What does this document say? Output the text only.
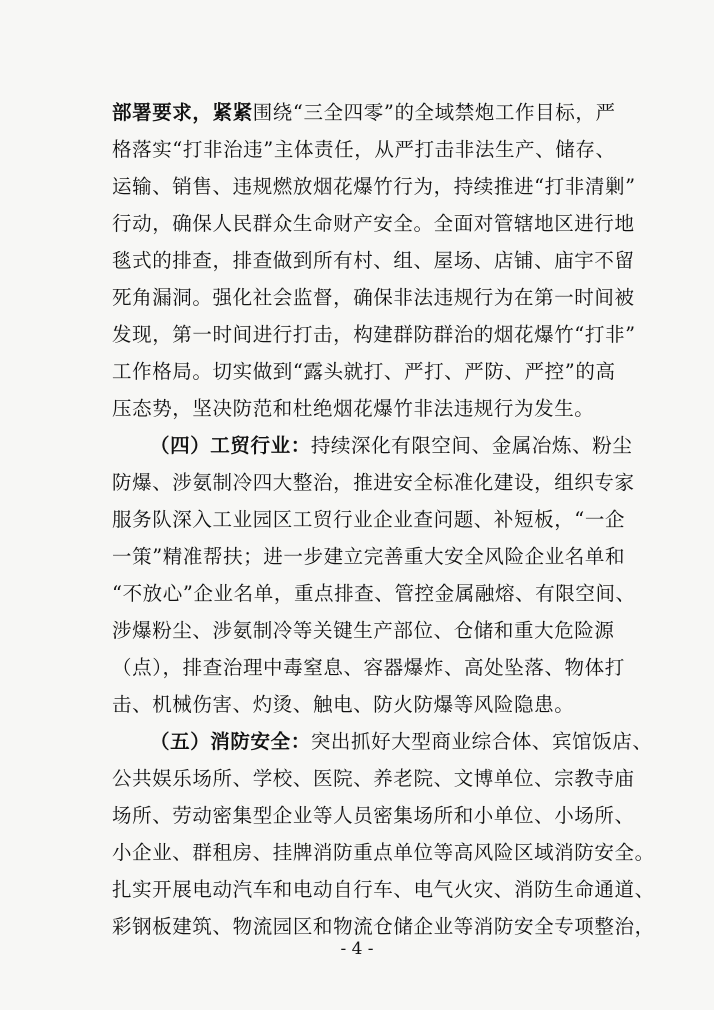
部署要求，紧紧围绕“三全四零”的全域禁炮工作目标，严
格落实“打非治违”主体责任，从严打击非法生产、储存、
运输、销售、违规燃放烟花爆竹行为，持续推进“打非清剿”
行动，确保人民群众生命财产安全。全面对管辖地区进行地
毯式的排查，排查做到所有村、组、屋场、店铺、庙宇不留
死角漏洞。强化社会监督，确保非法违规行为在第一时间被
发现，第一时间进行打击，构建群防群治的烟花爆竹“打非”
工作格局。切实做到“露头就打、严打、严防、严控”的高
压态势，坚决防范和杜绝烟花爆竹非法违规行为发生。
（四）工贸行业：持续深化有限空间、金属冶炼、粉尘
防爆、涉氨制冷四大整治，推进安全标准化建设，组织专家
服务队深入工业园区工贸行业企业查问题、补短板，“一企
一策”精准帮扶；进一步建立完善重大安全风险企业名单和
“不放心”企业名单，重点排查、管控金属融熔、有限空间、
涉爆粉尘、涉氨制冷等关键生产部位、仓储和重大危险源
（点），排查治理中毒窒息、容器爆炸、高处坠落、物体打
击、机械伤害、灼烫、触电、防火防爆等风险隐患。
（五）消防安全：突出抓好大型商业综合体、宾馆饭店、
公共娱乐场所、学校、医院、养老院、文博单位、宗教寺庙
场所、劳动密集型企业等人员密集场所和小单位、小场所、
小企业、群租房、挂牌消防重点单位等高风险区域消防安全。
扎实开展电动汽车和电动自行车、电气火灾、消防生命通道、
彩钢板建筑、物流园区和物流仓储企业等消防安全专项整治，
- 4 -
